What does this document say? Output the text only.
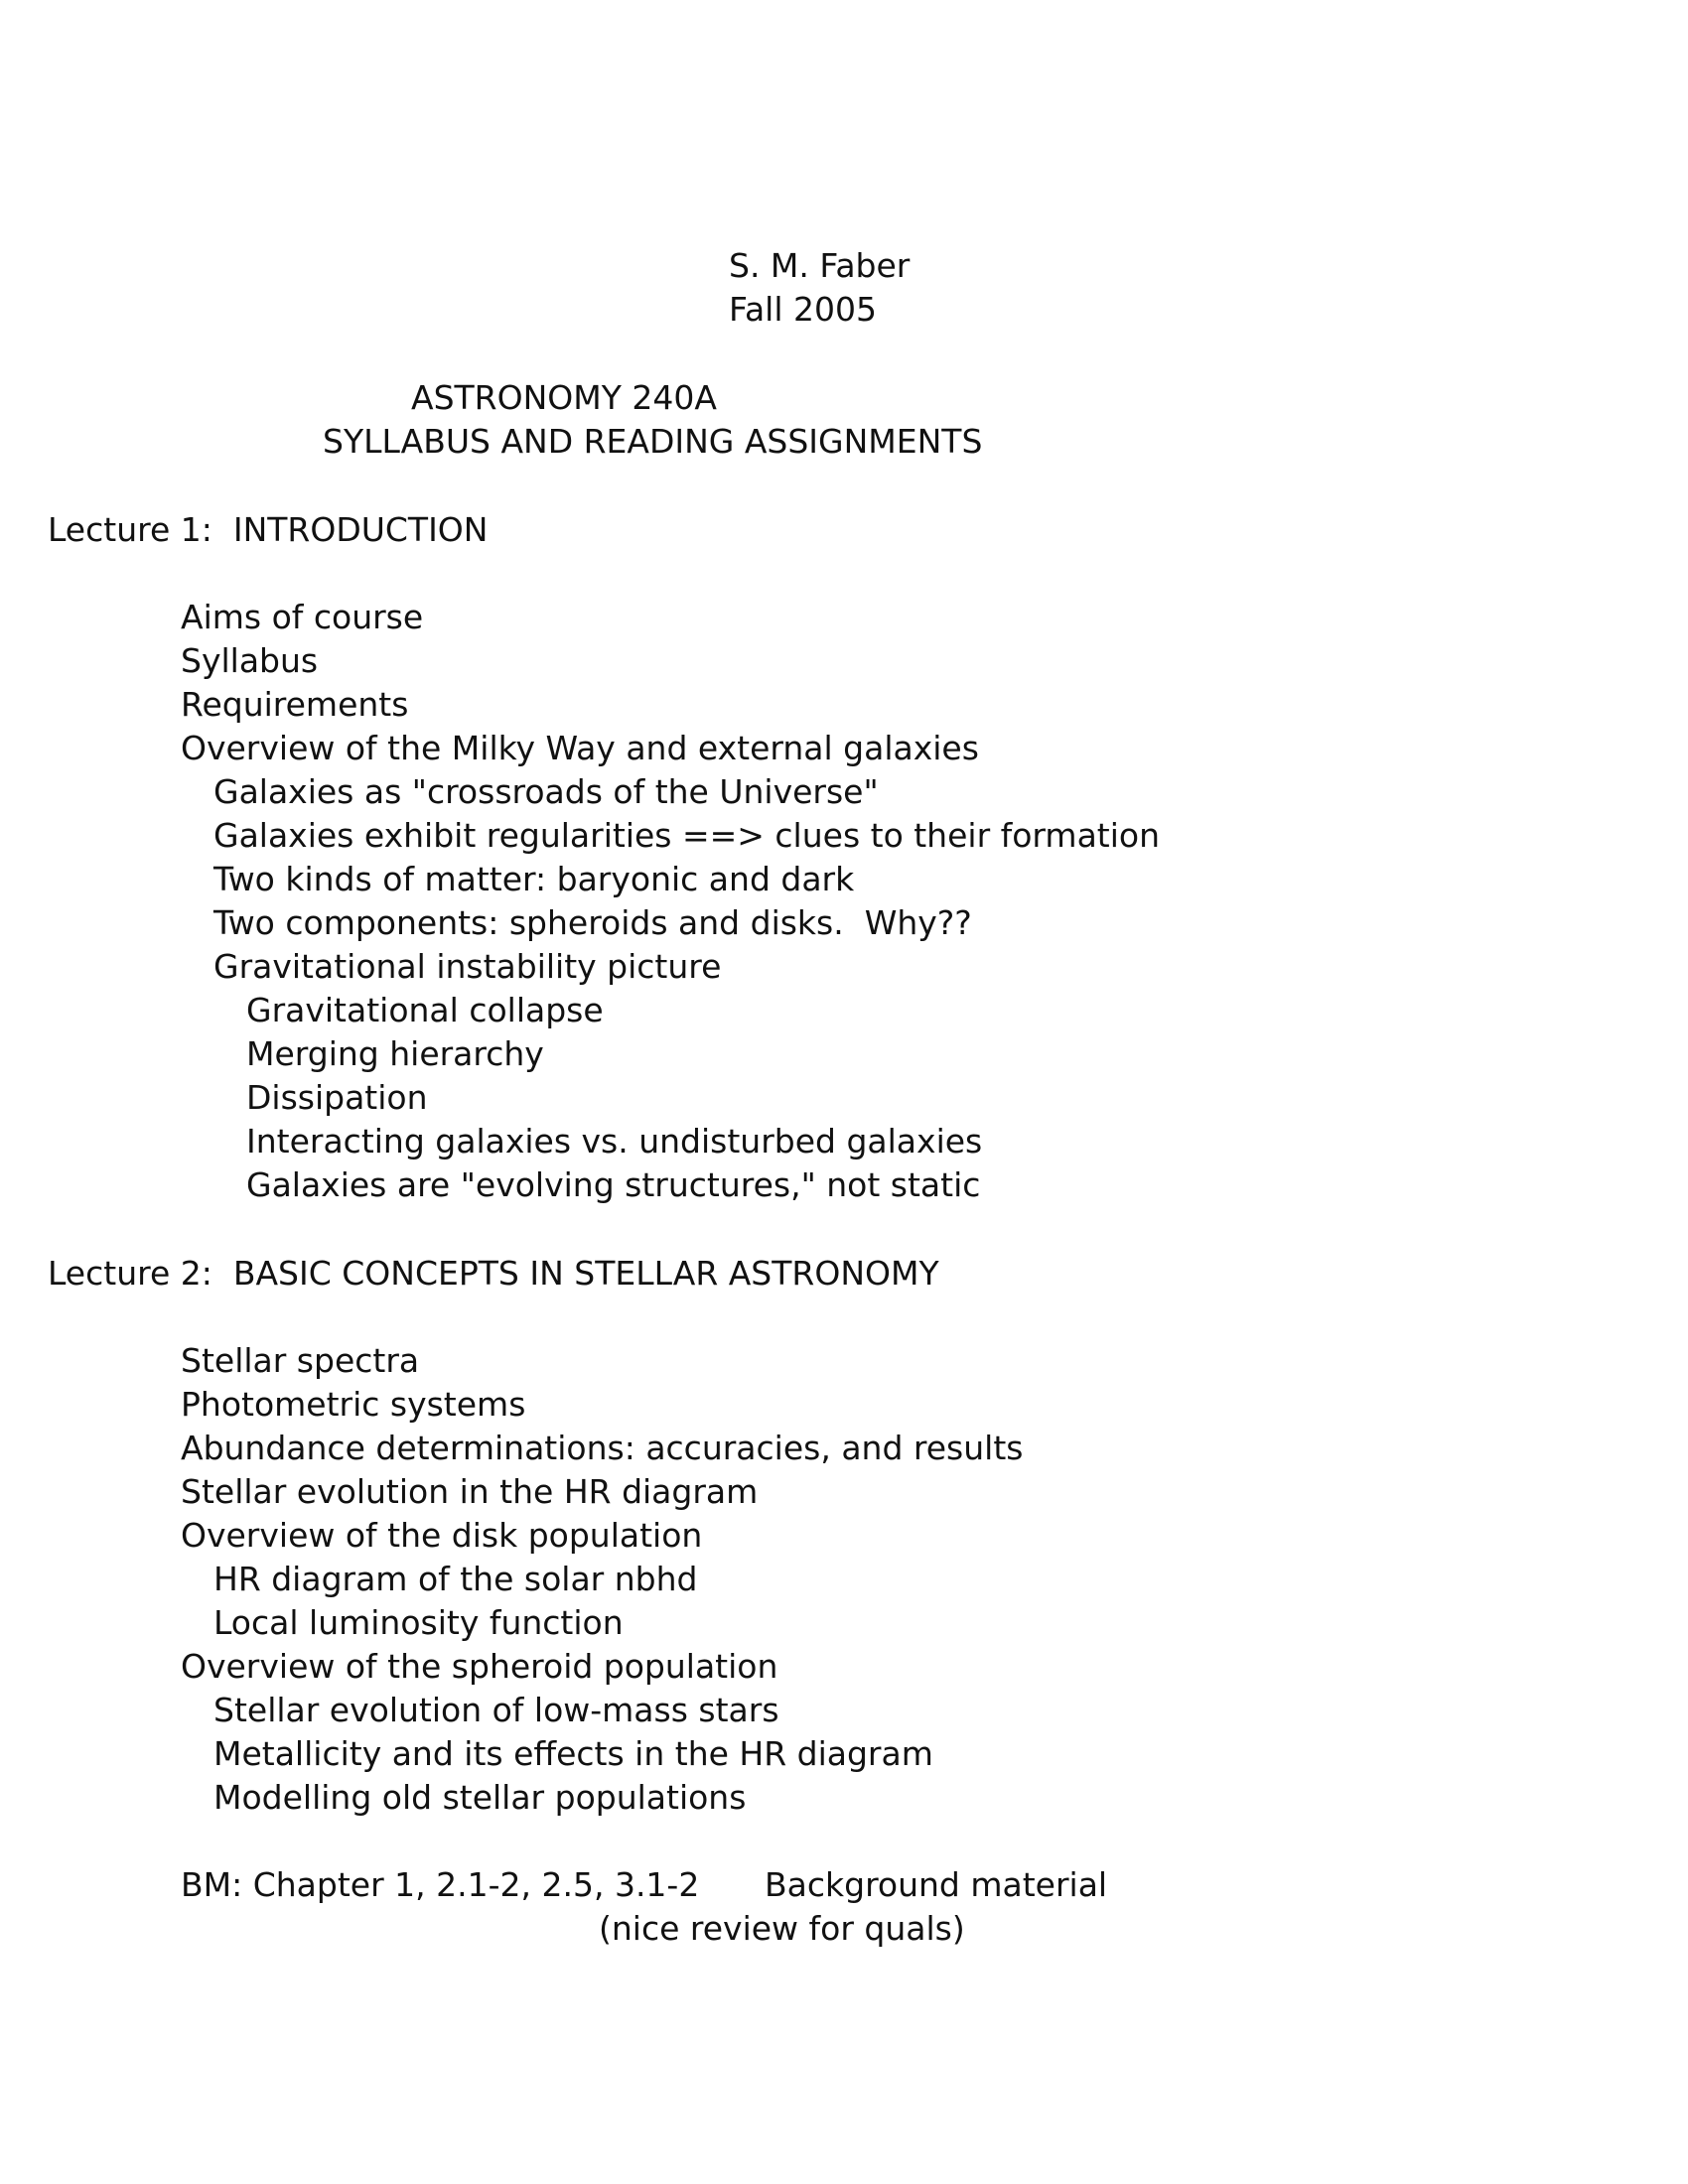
S. M. Faber
Fall 2005
ASTRONOMY 240A
SYLLABUS AND READING ASSIGNMENTS
Lecture 1:  INTRODUCTION
Aims of course
Syllabus
Requirements
Overview of the Milky Way and external galaxies
Galaxies as "crossroads of the Universe"
Galaxies exhibit regularities ==> clues to their formation
Two kinds of matter: baryonic and dark
Two components: spheroids and disks.  Why??
Gravitational instability picture
Gravitational collapse
Merging hierarchy
Dissipation
Interacting galaxies vs. undisturbed galaxies
Galaxies are "evolving structures," not static
Lecture 2:  BASIC CONCEPTS IN STELLAR ASTRONOMY
Stellar spectra
Photometric systems
Abundance determinations: accuracies, and results
Stellar evolution in the HR diagram
Overview of the disk population
HR diagram of the solar nbhd
Local luminosity function
Overview of the spheroid population
Stellar evolution of low-mass stars
Metallicity and its effects in the HR diagram
Modelling old stellar populations
BM: Chapter 1, 2.1-2, 2.5, 3.1-2 Background material
(nice review for quals)
